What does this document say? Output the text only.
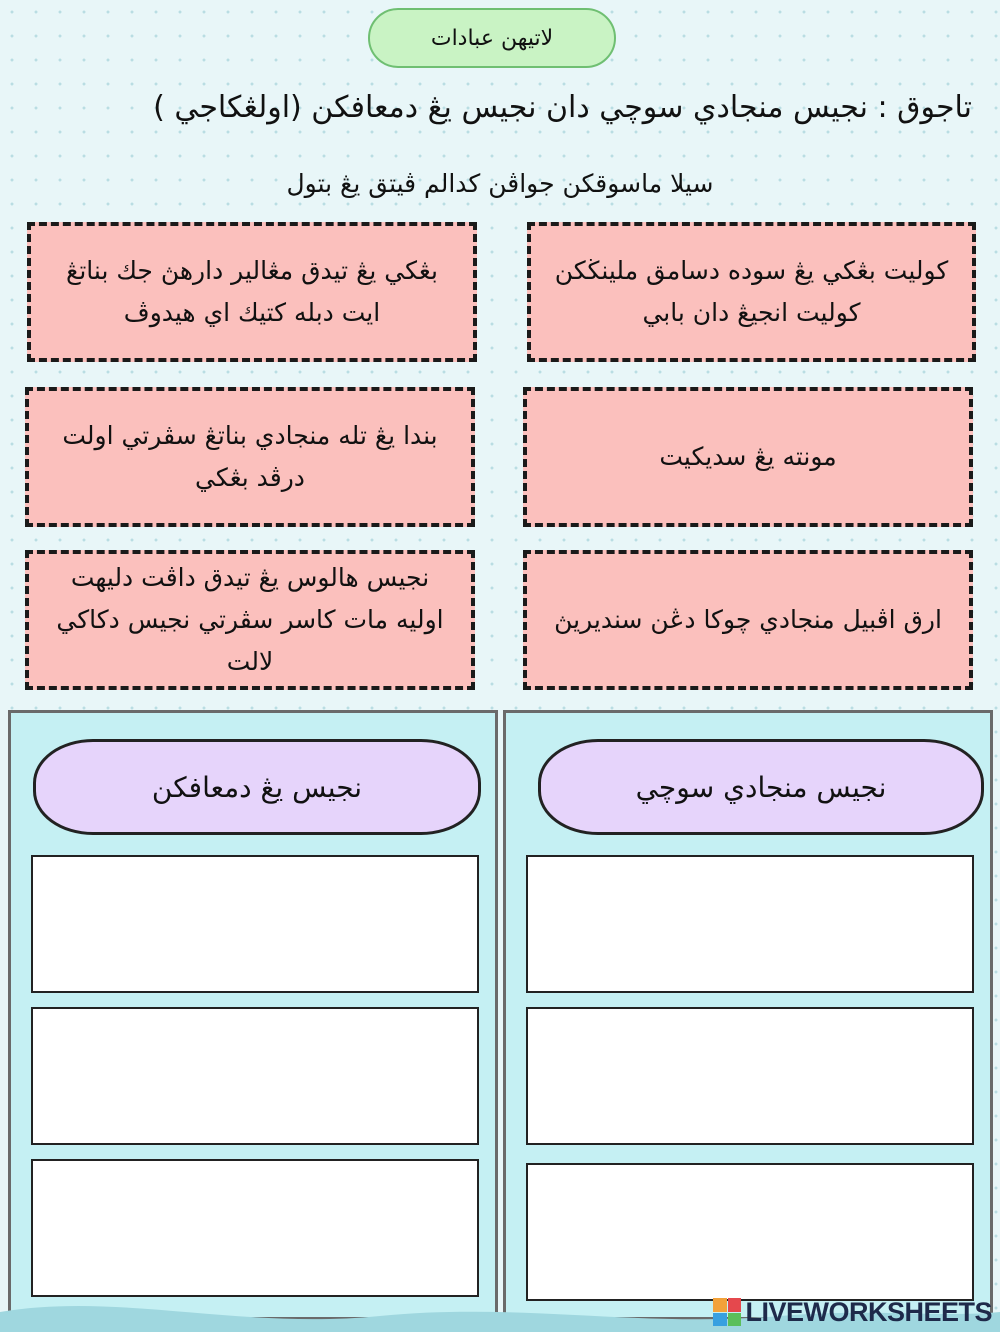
لاتيهن عبادات
تاجوق : نجيس منجادي سوچي دان نجيس يڠ دمعافكن (اولڠكاجي )
سيلا ماسوقكن جواڤن كدالم ڤيتق يڠ بتول
كوليت بڠكي يڠ سوده دسامق ملينڬكن كوليت انجيڠ دان بابي
بڠكي يڠ تيدق مڠالير دارهڽ جك بناتڠ ايت دبله كتيك اي هيدوڤ
مونته يڠ سديكيت
بندا يڠ تله منجادي بناتڠ سڤرتي اولت درڤد بڠكي
ارق اڤبيل منجادي چوكا دڠن سنديريڽ
نجيس هالوس يڠ تيدق داڤت دليهت اوليه مات كاسر سڤرتي نجيس دكاكي لالت
نجيس منجادي سوچي
نجيس يڠ دمعافكن
LIVEWORKSHEETS
